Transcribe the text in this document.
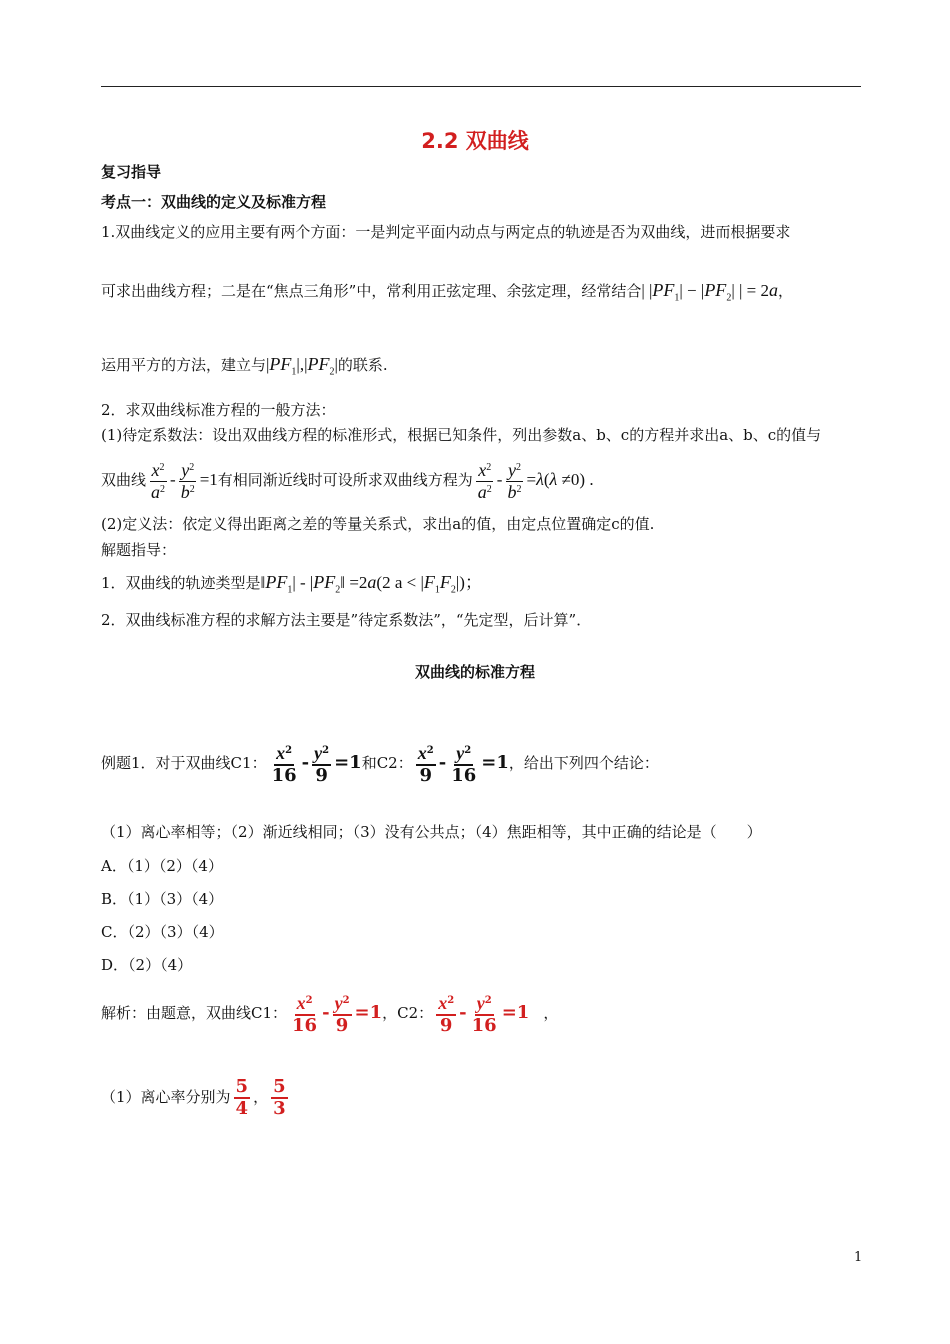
2.2 双曲线
复习指导
考点一：双曲线的定义及标准方程
1.双曲线定义的应用主要有两个方面：一是判定平面内动点与两定点的轨迹是否为双曲线，进而根据要求
可求出曲线方程；二是在“焦点三角形”中，常利用正弦定理、余弦定理，经常结合| $|PF_1| - |PF_2|$ | = 2a，
运用平方的方法，建立与$|PF_1|,|PF_2|$的联系.
2．求双曲线标准方程的一般方法：
(1)待定系数法：设出双曲线方程的标准形式，根据已知条件，列出参数a、b、c的方程并求出a、b、c的值与
双曲线 $\frac{x^2}{a^2} - \frac{y^2}{b^2} =1$有相同渐近线时可设所求双曲线方程为 $\frac{x^2}{a^2} - \frac{y^2}{b^2} =\lambda(\lambda \ne 0)$ .
(2)定义法：依定义得出距离之差的等量关系式，求出a的值，由定点位置确定c的值.
解题指导：
1．双曲线的轨迹类型是$‖PF_1|$ - $|PF_2‖ =2a(2$ $a < |F_1F_2|$)；
2．双曲线标准方程的求解方法主要是”待定系数法”，“先定型，后计算”．
双曲线的标准方程
例题1．对于双曲线C1： $\frac{x^2}{16} - \frac{y^2}{9} =1$和C2： $\frac{x^2}{9} - \frac{y^2}{16} =1$，给出下列四个结论：
（1）离心率相等；（2）渐近线相同；（3）没有公共点；（4）焦距相等，其中正确的结论是（　　）
A．（1）（2）（4）
B．（1）（3）（4）
C．（2）（3）（4）
D．（2）（4）
解析：由题意，双曲线C1： $\frac{x^2}{16} - \frac{y^2}{9} =1$，C2： $\frac{x^2}{9} - \frac{y^2}{16} =1$ ，
（1）离心率分别为 $\frac{5}{4}$ ， $\frac{5}{3}$
1
